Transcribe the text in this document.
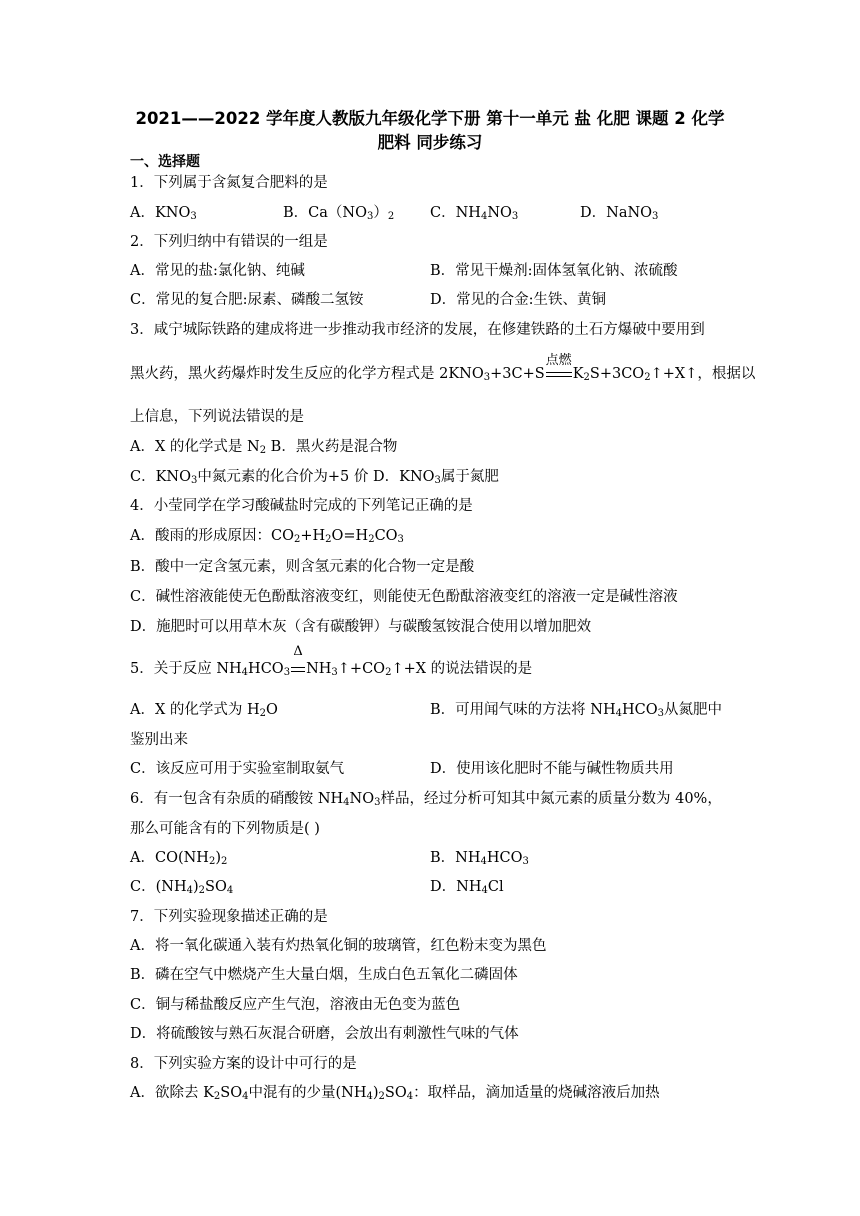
2021——2022 学年度人教版九年级化学下册 第十一单元 盐 化肥 课题 2 化学
肥料 同步练习
一、选择题
1．下列属于含氮复合肥料的是
A．$KNO_3$	B．$Ca(NO_3)_2$ C．$NH_4NO_3$	D．NaNO$_3$
2．下列归纳中有错误的一组是
A．常见的盐:氯化钠、纯碱	B．常见干燥剂:固体氢氧化钠、浓硫酸
C．常见的复合肥:尿素、磷酸二氢铵	D．常见的合金:生铁、黄铜
3．咸宁城际铁路的建成将进一步推动我市经济的发展，在修建铁路的土石方爆破中要用到
黑火药，黑火药爆炸时发生反应的化学方程式是 $2KNO_3+3C+S$
点燃
$K_2S+3CO_2↑+X↑$，根据以
上信息，下列说法错误的是
A．X 的化学式是 $N_2$ B．黑火药是混合物
C．$KNO_3$中氮元素的化合价为+5 价 D．$KNO_3$属于氮肥
4．小莹同学在学习酸碱盐时完成的下列笔记正确的是
A．酸雨的形成原因：$CO_2+H_2O=H_2CO_3$
B．酸中一定含氢元素，则含氢元素的化合物一定是酸
C．碱性溶液能使无色酚酞溶液变红，则能使无色酚酞溶液变红的溶液一定是碱性溶液
D．施肥时可以用草木灰（含有碳酸钾）与碳酸氢铵混合使用以增加肥效
5．关于反应 $NH_4HCO_3$
Δ
$NH_3↑+CO_2↑+X$ 的说法错误的是
A．X 的化学式为 $H_2O$	B．可用闻气味的方法将 $NH_4HCO_3$从氮肥中
鉴别出来
C．该反应可用于实验室制取氨气	D．使用该化肥时不能与碱性物质共用
6．有一包含有杂质的硝酸铵 $NH_4NO_3$样品，经过分析可知其中氮元素的质量分数为 40%，
那么可能含有的下列物质是( )
A．$CO(NH_2)_2$	B．$NH_4HCO_3$
C．$(NH_4)_2SO_4$	D．$NH_4Cl$
7．下列实验现象描述正确的是
A．将一氧化碳通入装有灼热氧化铜的玻璃管，红色粉末变为黑色
B．磷在空气中燃烧产生大量白烟，生成白色五氧化二磷固体
C．铜与稀盐酸反应产生气泡，溶液由无色变为蓝色
D．将硫酸铵与熟石灰混合研磨，会放出有刺激性气味的气体
8．下列实验方案的设计中可行的是
A．欲除去 $K_2SO_4$中混有的少量$(NH_4)_2SO_4$：取样品，滴加适量的烧碱溶液后加热
